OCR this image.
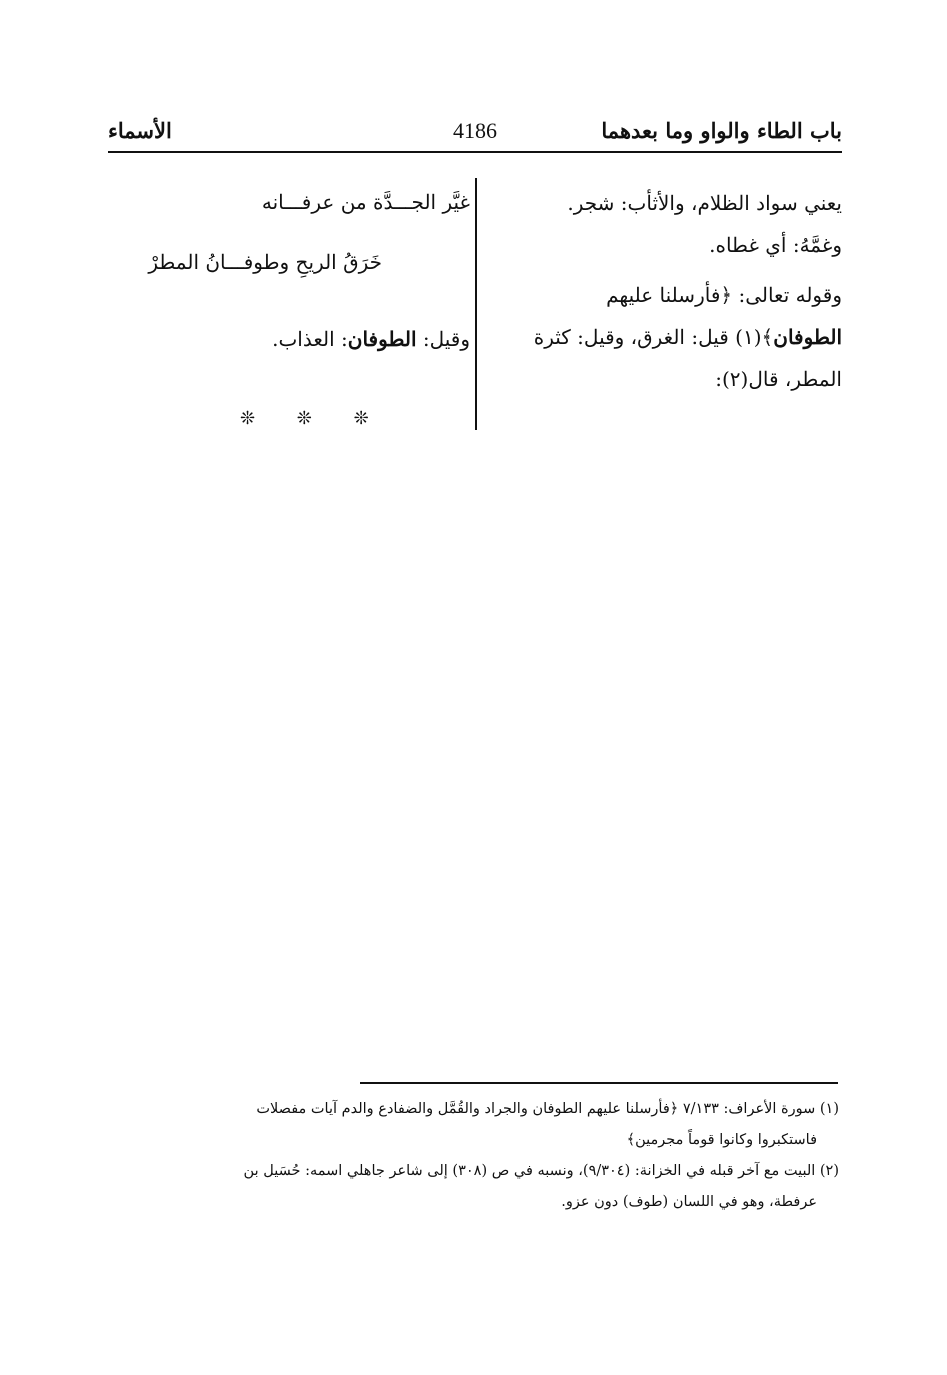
باب الطاء والواو وما بعدهما
4186
الأسماء

يعني سواد الظلام، والأثأب: شجر.

وغمَّهُ: أي غطاه.

وقوله تعالى: ﴿فأرسلنا عليهم

الطوفان﴾(١) قيل: الغرق، وقيل: كثرة

المطر، قال(٢):

غيَّر الجـــدَّة من عرفـــانه
خَرَقُ الريحِ وطوفـــانُ المطرْ
وقيل: الطوفان: العذاب.
❊ ❊ ❊

(١) سورة الأعراف: ٧/١٣٣ ﴿فأرسلنا عليهم الطوفان والجراد والقُمَّل والضفادع والدم آيات مفصلات

فاستكبروا وكانوا قوماً مجرمين﴾

(٢) البيت مع آخر قبله في الخزانة: (٩/٣٠٤)، ونسبه في ص (٣٠٨) إلى شاعر جاهلي اسمه: حُسَيل بن

عرفطة، وهو في اللسان (طوف) دون عزو.
